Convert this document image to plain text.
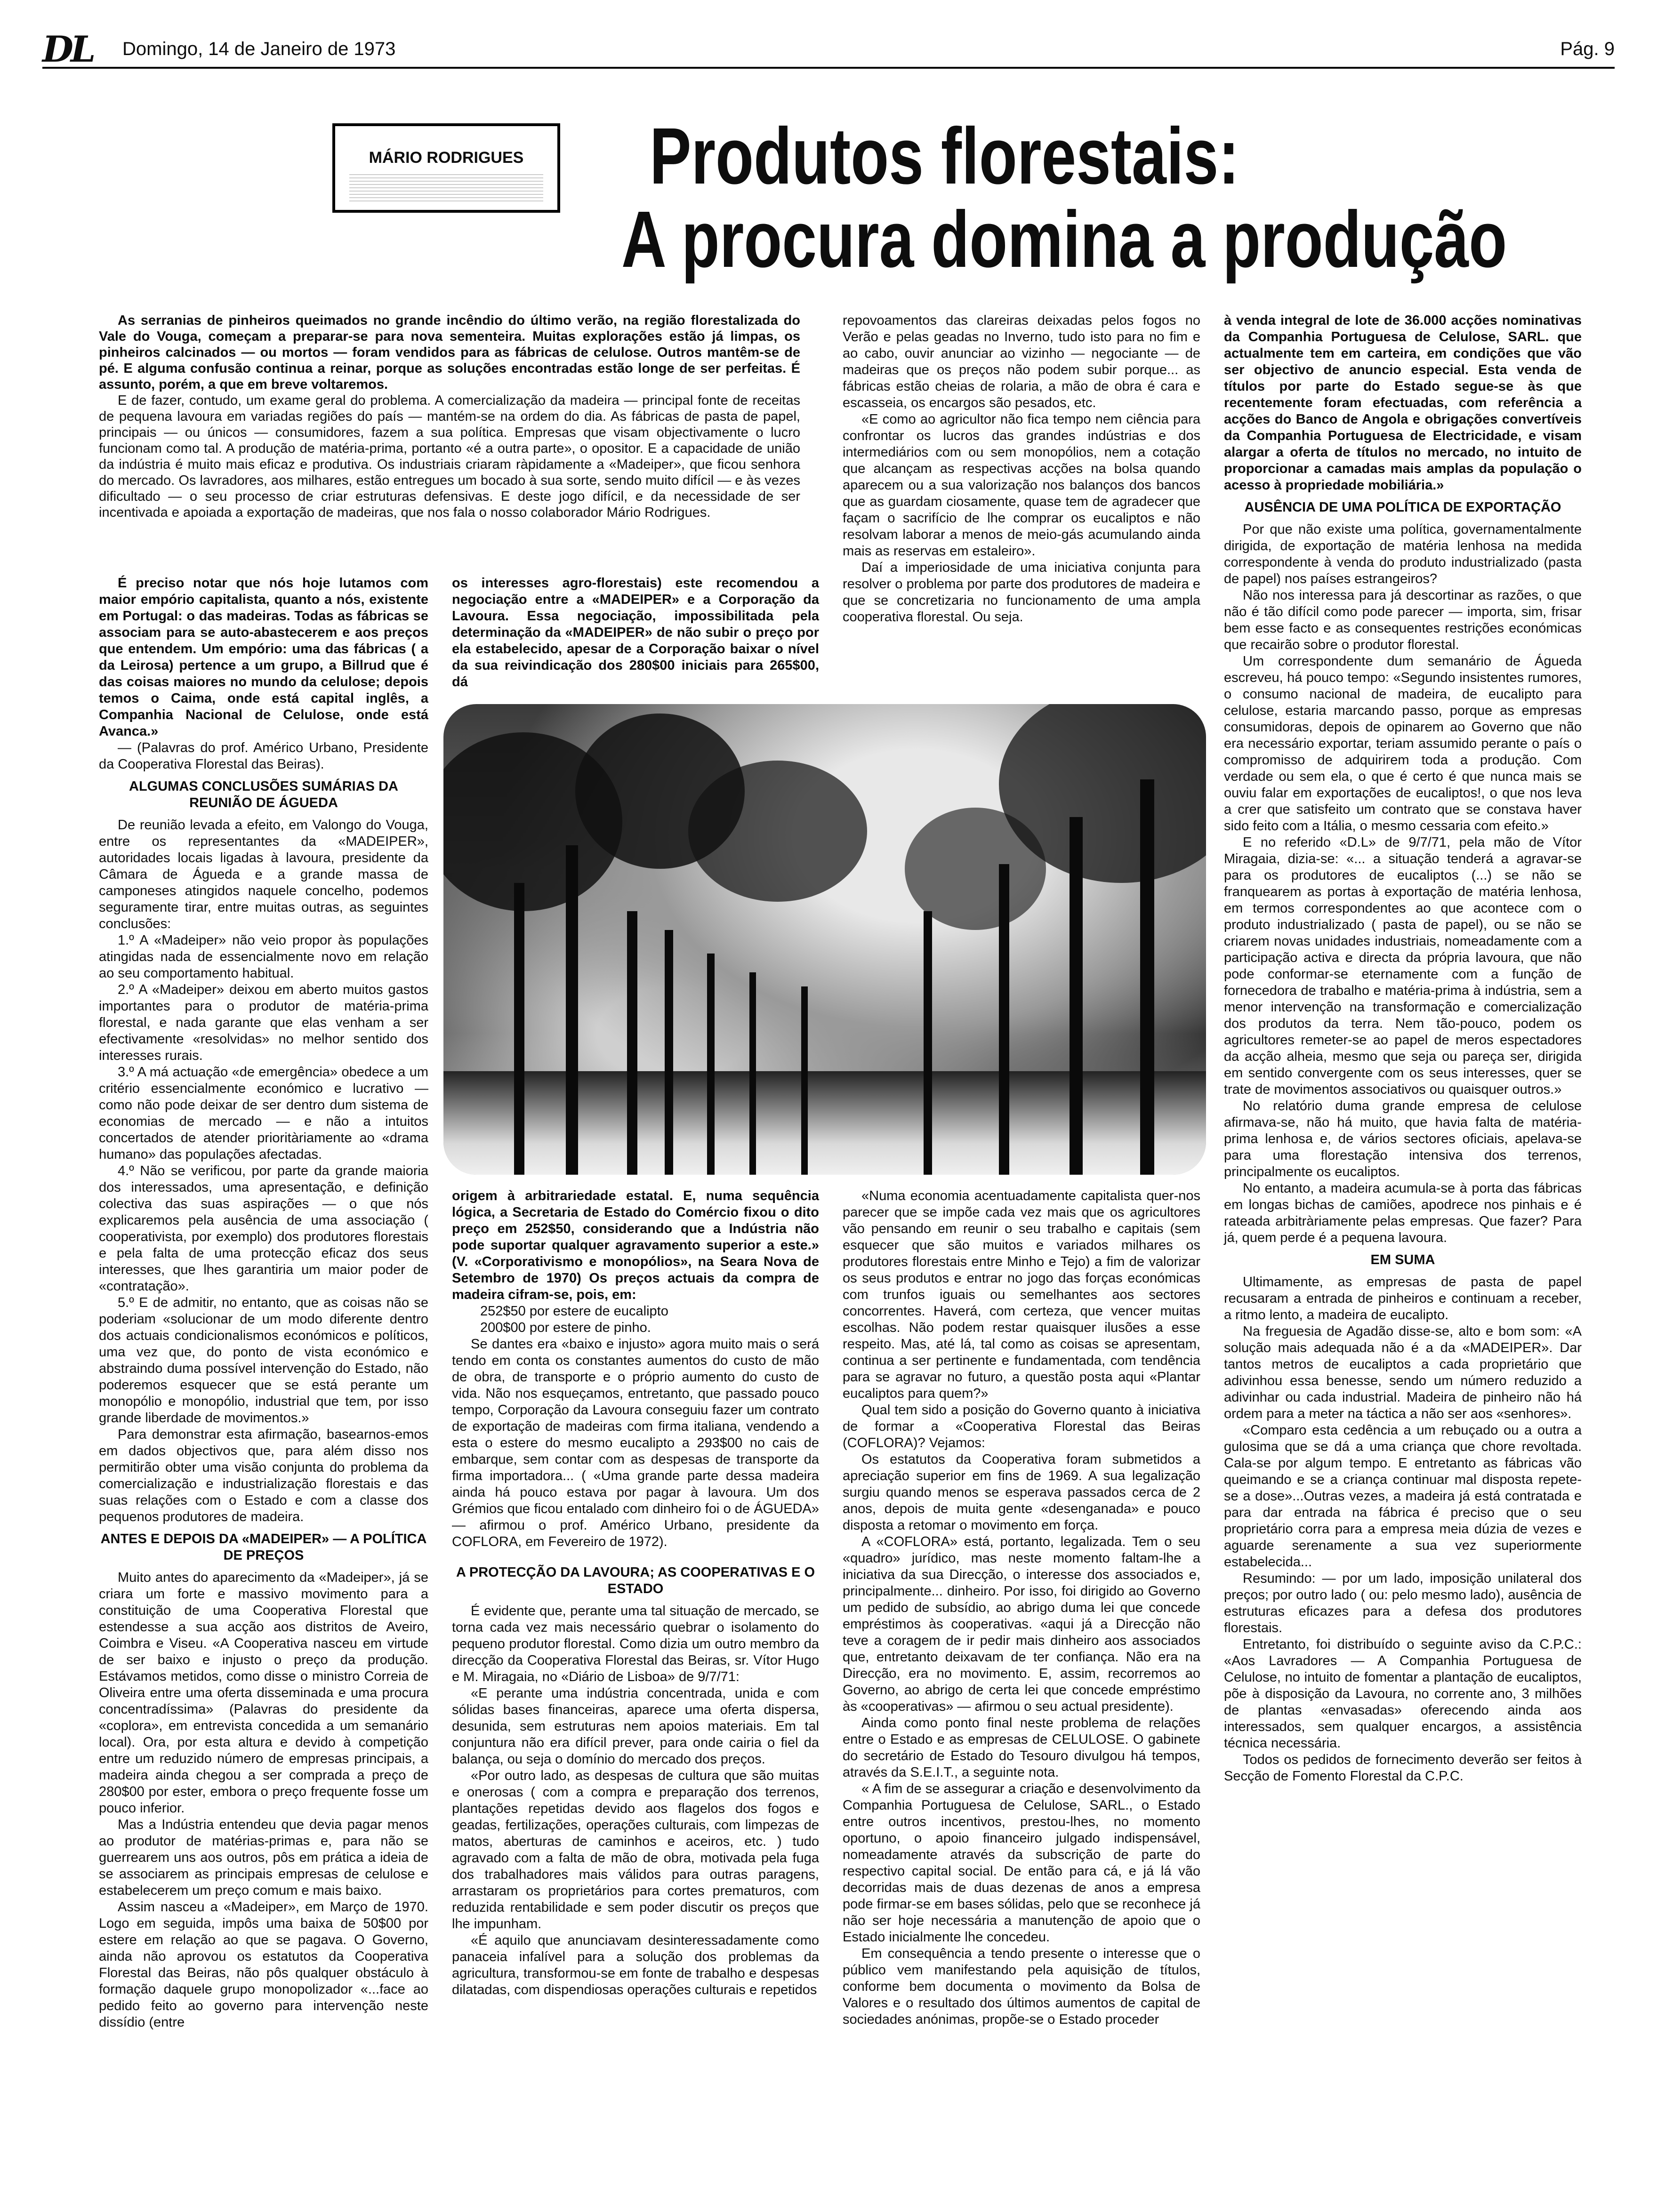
DL Domingo, 14 de Janeiro de 1973	Pág. 9
MÁRIO RODRIGUES	Produtos florestais:
A procura domina a produção

As serranias de pinheiros queimados no grande incêndio do último verão, na região florestalizada do Vale do Vouga, começam a preparar-se para nova sementeira. Muitas explorações estão já limpas, os pinheiros calcinados — ou mortos — foram vendidos para as fábricas de celulose. Outros mantêm-se de pé. E alguma confusão continua a reinar, porque as soluções encontradas estão longe de ser perfeitas. É assunto, porém, a que em breve voltaremos.

E de fazer, contudo, um exame geral do problema. A comercialização da madeira — principal fonte de receitas de pequena lavoura em variadas regiões do país — mantém-se na ordem do dia. As fábricas de pasta de papel, principais — ou únicos — consumidores, fazem a sua política. Empresas que visam objectivamente o lucro funcionam como tal. A produção de matéria-prima, portanto «é a outra parte», o opositor. E a capacidade de união da indústria é muito mais eficaz e produtiva. Os industriais criaram ràpidamente a «Madeiper», que ficou senhora do mercado. Os lavradores, aos milhares, estão entregues um bocado à sua sorte, sendo muito difícil — e às vezes dificultado — o seu processo de criar estruturas defensivas. E deste jogo difícil, e da necessidade de ser incentivada e apoiada a exportação de madeiras, que nos fala o nosso colaborador Mário Rodrigues.

É preciso notar que nós hoje lutamos com maior empório capitalista, quanto a nós, existente em Portugal: o das madeiras. Todas as fábricas se associam para se auto-abastecerem e aos preços que entendem. Um empório: uma das fábricas ( a da Leirosa) pertence a um grupo, a Billrud que é das coisas maiores no mundo da celulose; depois temos o Caima, onde está capital inglês, a Companhia Nacional de Celulose, onde está Avanca.»

— (Palavras do prof. Américo Urbano, Presidente da Cooperativa Florestal das Beiras).

ALGUMAS CONCLUSÕES SUMÁRIAS DA REUNIÃO DE ÁGUEDA

De reunião levada a efeito, em Valongo do Vouga, entre os representantes da «MADEIPER», autoridades locais ligadas à lavoura, presidente da Câmara de Águeda e a grande massa de camponeses atingidos naquele concelho, podemos seguramente tirar, entre muitas outras, as seguintes conclusões:

1.º A «Madeiper» não veio propor às populações atingidas nada de essencialmente novo em relação ao seu comportamento habitual.

2.º A «Madeiper» deixou em aberto muitos gastos importantes para o produtor de matéria-prima florestal, e nada garante que elas venham a ser efectivamente «resolvidas» no melhor sentido dos interesses rurais.

3.º A má actuação «de emergência» obedece a um critério essencialmente económico e lucrativo — como não pode deixar de ser dentro dum sistema de economias de mercado — e não a intuitos concertados de atender prioritàriamente ao «drama humano» das populações afectadas.

4.º Não se verificou, por parte da grande maioria dos interessados, uma apresentação, e definição colectiva das suas aspirações — o que nós explicaremos pela ausência de uma associação ( cooperativista, por exemplo) dos produtores florestais e pela falta de uma protecção eficaz dos seus interesses, que lhes garantiria um maior poder de «contratação».

5.º E de admitir, no entanto, que as coisas não se poderiam «solucionar de um modo diferente dentro dos actuais condicionalismos económicos e políticos, uma vez que, do ponto de vista económico e abstraindo duma possível intervenção do Estado, não poderemos esquecer que se está perante um monopólio e monopólio, industrial que tem, por isso grande liberdade de movimentos.»

Para demonstrar esta afirmação, basearnos-emos em dados objectivos que, para além disso nos permitirão obter uma visão conjunta do problema da comercialização e industrialização florestais e das suas relações com o Estado e com a classe dos pequenos produtores de madeira.

ANTES E DEPOIS DA «MADEIPER» — A POLÍTICA DE PREÇOS

Muito antes do aparecimento da «Madeiper», já se criara um forte e massivo movimento para a constituição de uma Cooperativa Florestal que estendesse a sua acção aos distritos de Aveiro, Coimbra e Viseu. «A Cooperativa nasceu em virtude de ser baixo e injusto o preço da produção. Estávamos metidos, como disse o ministro Correia de Oliveira entre uma oferta disseminada e uma procura concentradíssima» (Palavras do presidente da «coplora», em entrevista concedida a um semanário local). Ora, por esta altura e devido à competição entre um reduzido número de empresas principais, a madeira ainda chegou a ser comprada a preço de 280$00 por ester, embora o preço frequente fosse um pouco inferior.

Mas a Indústria entendeu que devia pagar menos ao produtor de matérias-primas e, para não se guerrearem uns aos outros, pôs em prática a ideia de se associarem as principais empresas de celulose e estabelecerem um preço comum e mais baixo.

Assim nasceu a «Madeiper», em Março de 1970. Logo em seguida, impôs uma baixa de 50$00 por estere em relação ao que se pagava. O Governo, ainda não aprovou os estatutos da Cooperativa Florestal das Beiras, não pôs qualquer obstáculo à formação daquele grupo monopolizador «...face ao pedido feito ao governo para intervenção neste dissídio (entre

os interesses agro-florestais) este recomendou a negociação entre a «MADEIPER» e a Corporação da Lavoura. Essa negociação, impossibilitada pela determinação da «MADEIPER» de não subir o preço por ela estabelecido, apesar de a Corporação baixar o nível da sua reivindicação dos 280$00 iniciais para 265$00, dá

origem à arbitrariedade estatal. E, numa sequência lógica, a Secretaria de Estado do Comércio fixou o dito preço em 252$50, considerando que a Indústria não pode suportar qualquer agravamento superior a este.» (V. «Corporativismo e monopólios», na Seara Nova de Setembro de 1970) Os preços actuais da compra de madeira cifram-se, pois, em:

252$50 por estere de eucalipto

200$00 por estere de pinho.

Se dantes era «baixo e injusto» agora muito mais o será tendo em conta os constantes aumentos do custo de mão de obra, de transporte e o próprio aumento do custo de vida. Não nos esqueçamos, entretanto, que passado pouco tempo, Corporação da Lavoura conseguiu fazer um contrato de exportação de madeiras com firma italiana, vendendo a esta o estere do mesmo eucalipto a 293$00 no cais de embarque, sem contar com as despesas de transporte da firma importadora... ( «Uma grande parte dessa madeira ainda há pouco estava por pagar à lavoura. Um dos Grémios que ficou entalado com dinheiro foi o de ÁGUEDA» — afirmou o prof. Américo Urbano, presidente da COFLORA, em Fevereiro de 1972).

A PROTECÇÃO DA LAVOURA; AS COOPERATIVAS E O ESTADO

É evidente que, perante uma tal situação de mercado, se torna cada vez mais necessário quebrar o isolamento do pequeno produtor florestal. Como dizia um outro membro da direcção da Cooperativa Florestal das Beiras, sr. Vítor Hugo e M. Miragaia, no «Diário de Lisboa» de 9/7/71:

«E perante uma indústria concentrada, unida e com sólidas bases financeiras, aparece uma oferta dispersa, desunida, sem estruturas nem apoios materiais. Em tal conjuntura não era difícil prever, para onde cairia o fiel da balança, ou seja o domínio do mercado dos preços.

«Por outro lado, as despesas de cultura que são muitas e onerosas ( com a compra e preparação dos terrenos, plantações repetidas devido aos flagelos dos fogos e geadas, fertilizações, operações culturais, com limpezas de matos, aberturas de caminhos e aceiros, etc. ) tudo agravado com a falta de mão de obra, motivada pela fuga dos trabalhadores mais válidos para outras paragens, arrastaram os proprietários para cortes prematuros, com reduzida rentabilidade e sem poder discutir os preços que lhe impunham.

«É aquilo que anunciavam desinteressadamente como panaceia infalível para a solução dos problemas da agricultura, transformou-se em fonte de trabalho e despesas dilatadas, com dispendiosas operações culturais e repetidos

repovoamentos das clareiras deixadas pelos fogos no Verão e pelas geadas no Inverno, tudo isto para no fim e ao cabo, ouvir anunciar ao vizinho — negociante — de madeiras que os preços não podem subir porque... as fábricas estão cheias de rolaria, a mão de obra é cara e escasseia, os encargos são pesados, etc.

«E como ao agricultor não fica tempo nem ciência para confrontar os lucros das grandes indústrias e dos intermediários com ou sem monopólios, nem a cotação que alcançam as respectivas acções na bolsa quando aparecem ou a sua valorização nos balanços dos bancos que as guardam ciosamente, quase tem de agradecer que façam o sacrifício de lhe comprar os eucaliptos e não resolvam laborar a menos de meio-gás acumulando ainda mais as reservas em estaleiro».

Daí a imperiosidade de uma iniciativa conjunta para resolver o problema por parte dos produtores de madeira e que se concretizaria no funcionamento de uma ampla cooperativa florestal. Ou seja.

«Numa economia acentuadamente capitalista quer-nos parecer que se impõe cada vez mais que os agricultores vão pensando em reunir o seu trabalho e capitais (sem esquecer que são muitos e variados milhares os produtores florestais entre Minho e Tejo) a fim de valorizar os seus produtos e entrar no jogo das forças económicas com trunfos iguais ou semelhantes aos sectores concorrentes. Haverá, com certeza, que vencer muitas escolhas. Não podem restar quaisquer ilusões a esse respeito. Mas, até lá, tal como as coisas se apresentam, continua a ser pertinente e fundamentada, com tendência para se agravar no futuro, a questão posta aqui «Plantar eucaliptos para quem?»

Qual tem sido a posição do Governo quanto à iniciativa de formar a «Cooperativa Florestal das Beiras (COFLORA)? Vejamos:

Os estatutos da Cooperativa foram submetidos a apreciação superior em fins de 1969. A sua legalização surgiu quando menos se esperava passados cerca de 2 anos, depois de muita gente «desenganada» e pouco disposta a retomar o movimento em força.

A «COFLORA» está, portanto, legalizada. Tem o seu «quadro» jurídico, mas neste momento faltam-lhe a iniciativa da sua Direcção, o interesse dos associados e, principalmente... dinheiro. Por isso, foi dirigido ao Governo um pedido de subsídio, ao abrigo duma lei que concede empréstimos às cooperativas. «aqui já a Direcção não teve a coragem de ir pedir mais dinheiro aos associados que, entretanto deixavam de ter confiança. Não era na Direcção, era no movimento. E, assim, recorremos ao Governo, ao abrigo de certa lei que concede empréstimo às «cooperativas» — afirmou o seu actual presidente).

Ainda como ponto final neste problema de relações entre o Estado e as empresas de CELULOSE. O gabinete do secretário de Estado do Tesouro divulgou há tempos, através da S.E.I.T., a seguinte nota.

« A fim de se assegurar a criação e desenvolvimento da Companhia Portuguesa de Celulose, SARL., o Estado entre outros incentivos, prestou-lhes, no momento oportuno, o apoio financeiro julgado indispensável, nomeadamente através da subscrição de parte do respectivo capital social. De então para cá, e já lá vão decorridas mais de duas dezenas de anos a empresa pode firmar-se em bases sólidas, pelo que se reconhece já não ser hoje necessária a manutenção de apoio que o Estado inicialmente lhe concedeu.

Em consequência a tendo presente o interesse que o público vem manifestando pela aquisição de títulos, conforme bem documenta o movimento da Bolsa de Valores e o resultado dos últimos aumentos de capital de sociedades anónimas, propõe-se o Estado proceder

à venda integral de lote de 36.000 acções nominativas da Companhia Portuguesa de Celulose, SARL. que actualmente tem em carteira, em condições que vão ser objectivo de anuncio especial. Esta venda de títulos por parte do Estado segue-se às que recentemente foram efectuadas, com referência a acções do Banco de Angola e obrigações convertíveis da Companhia Portuguesa de Electricidade, e visam alargar a oferta de títulos no mercado, no intuito de proporcionar a camadas mais amplas da população o acesso à propriedade mobiliária.»

AUSÊNCIA DE UMA POLÍTICA DE EXPORTAÇÃO

Por que não existe uma política, governamentalmente dirigida, de exportação de matéria lenhosa na medida correspondente à venda do produto industrializado (pasta de papel) nos países estrangeiros?

Não nos interessa para já descortinar as razões, o que não é tão difícil como pode parecer — importa, sim, frisar bem esse facto e as consequentes restrições económicas que recairão sobre o produtor florestal.

Um correspondente dum semanário de Águeda escreveu, há pouco tempo: «Segundo insistentes rumores, o consumo nacional de madeira, de eucalipto para celulose, estaria marcando passo, porque as empresas consumidoras, depois de opinarem ao Governo que não era necessário exportar, teriam assumido perante o país o compromisso de adquirirem toda a produção. Com verdade ou sem ela, o que é certo é que nunca mais se ouviu falar em exportações de eucaliptos!, o que nos leva a crer que satisfeito um contrato que se constava haver sido feito com a Itália, o mesmo cessaria com efeito.»

E no referido «D.L» de 9/7/71, pela mão de Vítor Miragaia, dizia-se: «... a situação tenderá a agravar-se para os produtores de eucaliptos (...) se não se franquearem as portas à exportação de matéria lenhosa, em termos correspondentes ao que acontece com o produto industrializado ( pasta de papel), ou se não se criarem novas unidades industriais, nomeadamente com a participação activa e directa da própria lavoura, que não pode conformar-se eternamente com a função de fornecedora de trabalho e matéria-prima à indústria, sem a menor intervenção na transformação e comercialização dos produtos da terra. Nem tão-pouco, podem os agricultores remeter-se ao papel de meros espectadores da acção alheia, mesmo que seja ou pareça ser, dirigida em sentido convergente com os seus interesses, quer se trate de movimentos associativos ou quaisquer outros.»

No relatório duma grande empresa de celulose afirmava-se, não há muito, que havia falta de matéria-prima lenhosa e, de vários sectores oficiais, apelava-se para uma florestação intensiva dos terrenos, principalmente os eucaliptos.

No entanto, a madeira acumula-se à porta das fábricas em longas bichas de camiões, apodrece nos pinhais e é rateada arbitràriamente pelas empresas. Que fazer? Para já, quem perde é a pequena lavoura.

EM SUMA

Ultimamente, as empresas de pasta de papel recusaram a entrada de pinheiros e continuam a receber, a ritmo lento, a madeira de eucalipto.

Na freguesia de Agadão disse-se, alto e bom som: «A solução mais adequada não é a da «MADEIPER». Dar tantos metros de eucaliptos a cada proprietário que adivinhou essa benesse, sendo um número reduzido a adivinhar ou cada industrial. Madeira de pinheiro não há ordem para a meter na táctica a não ser aos «senhores».

«Comparo esta cedência a um rebuçado ou a outra a gulosima que se dá a uma criança que chore revoltada. Cala-se por algum tempo. E entretanto as fábricas vão queimando e se a criança continuar mal disposta repete-se a dose»...Outras vezes, a madeira já está contratada e para dar entrada na fábrica é preciso que o seu proprietário corra para a empresa meia dúzia de vezes e aguarde serenamente a sua vez superiormente estabelecida...

Resumindo: — por um lado, imposição unilateral dos preços; por outro lado ( ou: pelo mesmo lado), ausência de estruturas eficazes para a defesa dos produtores florestais.

Entretanto, foi distribuído o seguinte aviso da C.P.C.: «Aos Lavradores — A Companhia Portuguesa de Celulose, no intuito de fomentar a plantação de eucaliptos, põe à disposição da Lavoura, no corrente ano, 3 milhões de plantas «envasadas» oferecendo ainda aos interessados, sem qualquer encargos, a assistência técnica necessária.

Todos os pedidos de fornecimento deverão ser feitos à Secção de Fomento Florestal da C.P.C.
